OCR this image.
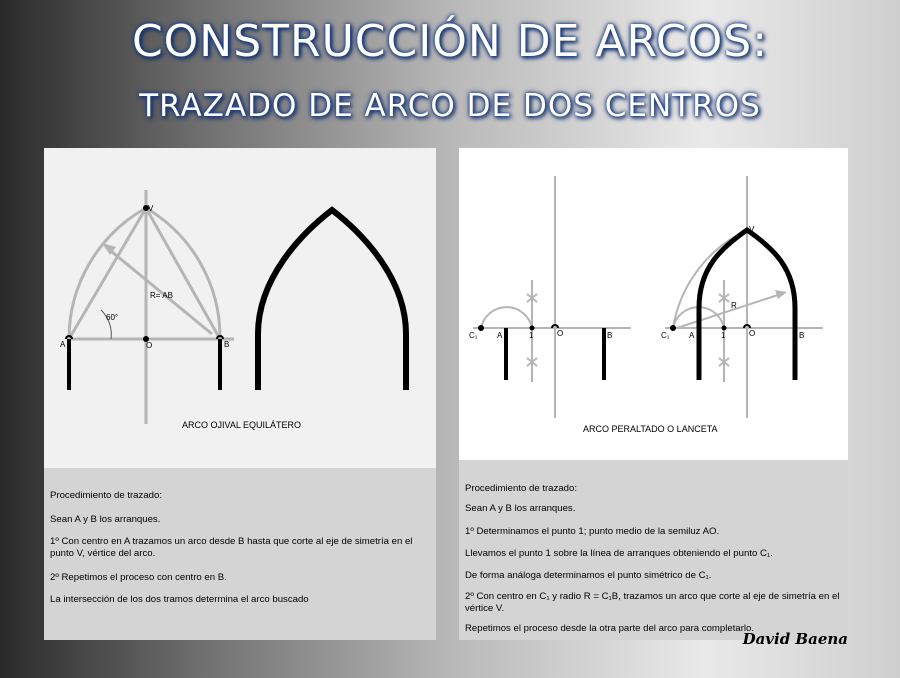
CONSTRUCCIÓN DE ARCOS:
TRAZADO DE ARCO DE DOS CENTROS
V
A	B
O
R= AB
60°
ARCO OJIVAL EQUILÁTERO

Procedimiento de trazado:

Sean A y B los arranques.

1º Con centro en A trazamos un arco desde B hasta que corte al eje de simetría en el punto V, vértice del arco.

2º Repetimos el proceso con centro en B.

La intersección de los dos tramos determina el arco buscado

C₁ A	1	O	B
V
R
C₁ A	1	O	B
ARCO PERALTADO O LANCETA

Procedimiento de trazado:

Sean A y B los arranques.

1º Determinamos el punto 1; punto medio de la semiluz AO.

Llevamos el punto 1 sobre la línea de arranques obteniendo el punto C₁.

De forma análoga determinamos el punto simétrico de C₁.

2º Con centro en C₁ y radio R = C₁B, trazamos un arco que corte al eje de simetría en el vértice V.

Repetimos el proceso desde la otra parte del arco para completarlo.

David Baena
